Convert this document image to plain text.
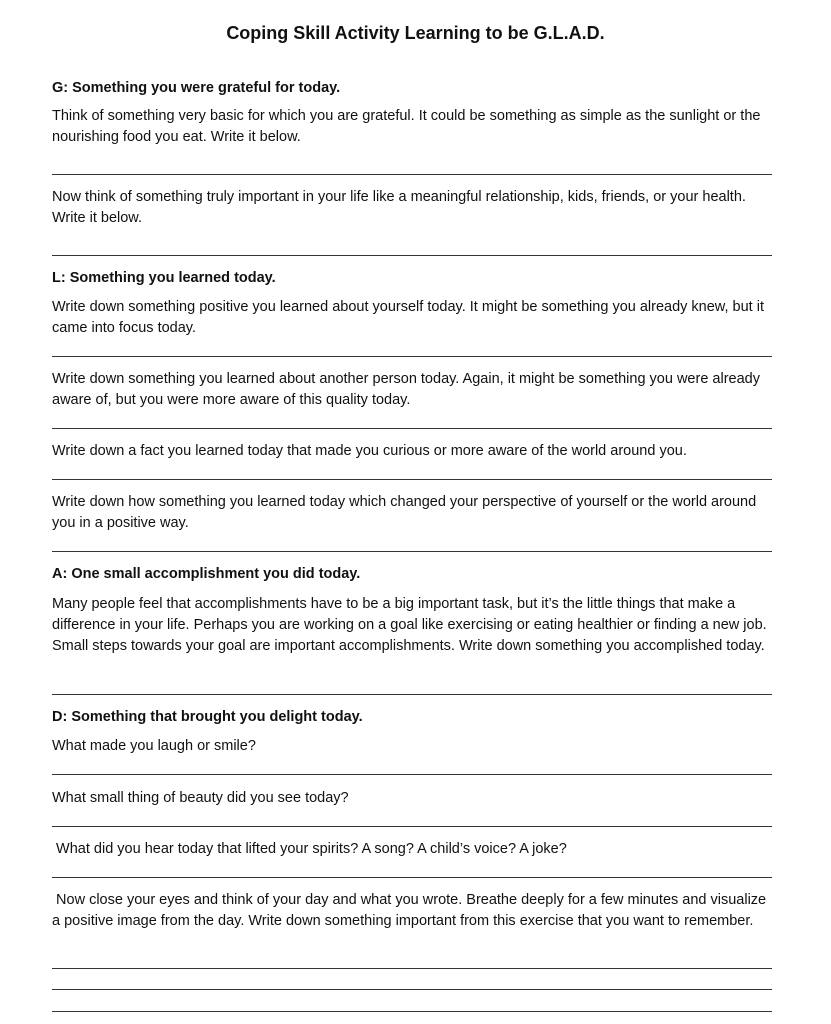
Coping Skill Activity Learning to be G.L.A.D.
G: Something you were grateful for today.
Think of something very basic for which you are grateful. It could be something as simple as the sunlight or the nourishing food you eat. Write it below.
Now think of something truly important in your life like a meaningful relationship, kids, friends, or your health. Write it below.
L: Something you learned today.
Write down something positive you learned about yourself today. It might be something you already knew, but it came into focus today.
Write down something you learned about another person today. Again, it might be something you were already aware of, but you were more aware of this quality today.
Write down a fact you learned today that made you curious or more aware of the world around you.
Write down how something you learned today which changed your perspective of yourself or the world around you in a positive way.
A: One small accomplishment you did today.
Many people feel that accomplishments have to be a big important task, but it’s the little things that make a difference in your life. Perhaps you are working on a goal like exercising or eating healthier or finding a new job. Small steps towards your goal are important accomplishments. Write down something you accomplished today.
D: Something that brought you delight today.
What made you laugh or smile?
What small thing of beauty did you see today?
What did you hear today that lifted your spirits? A song? A child’s voice? A joke?
Now close your eyes and think of your day and what you wrote. Breathe deeply for a few minutes and visualize a positive image from the day. Write down something important from this exercise that you want to remember.
